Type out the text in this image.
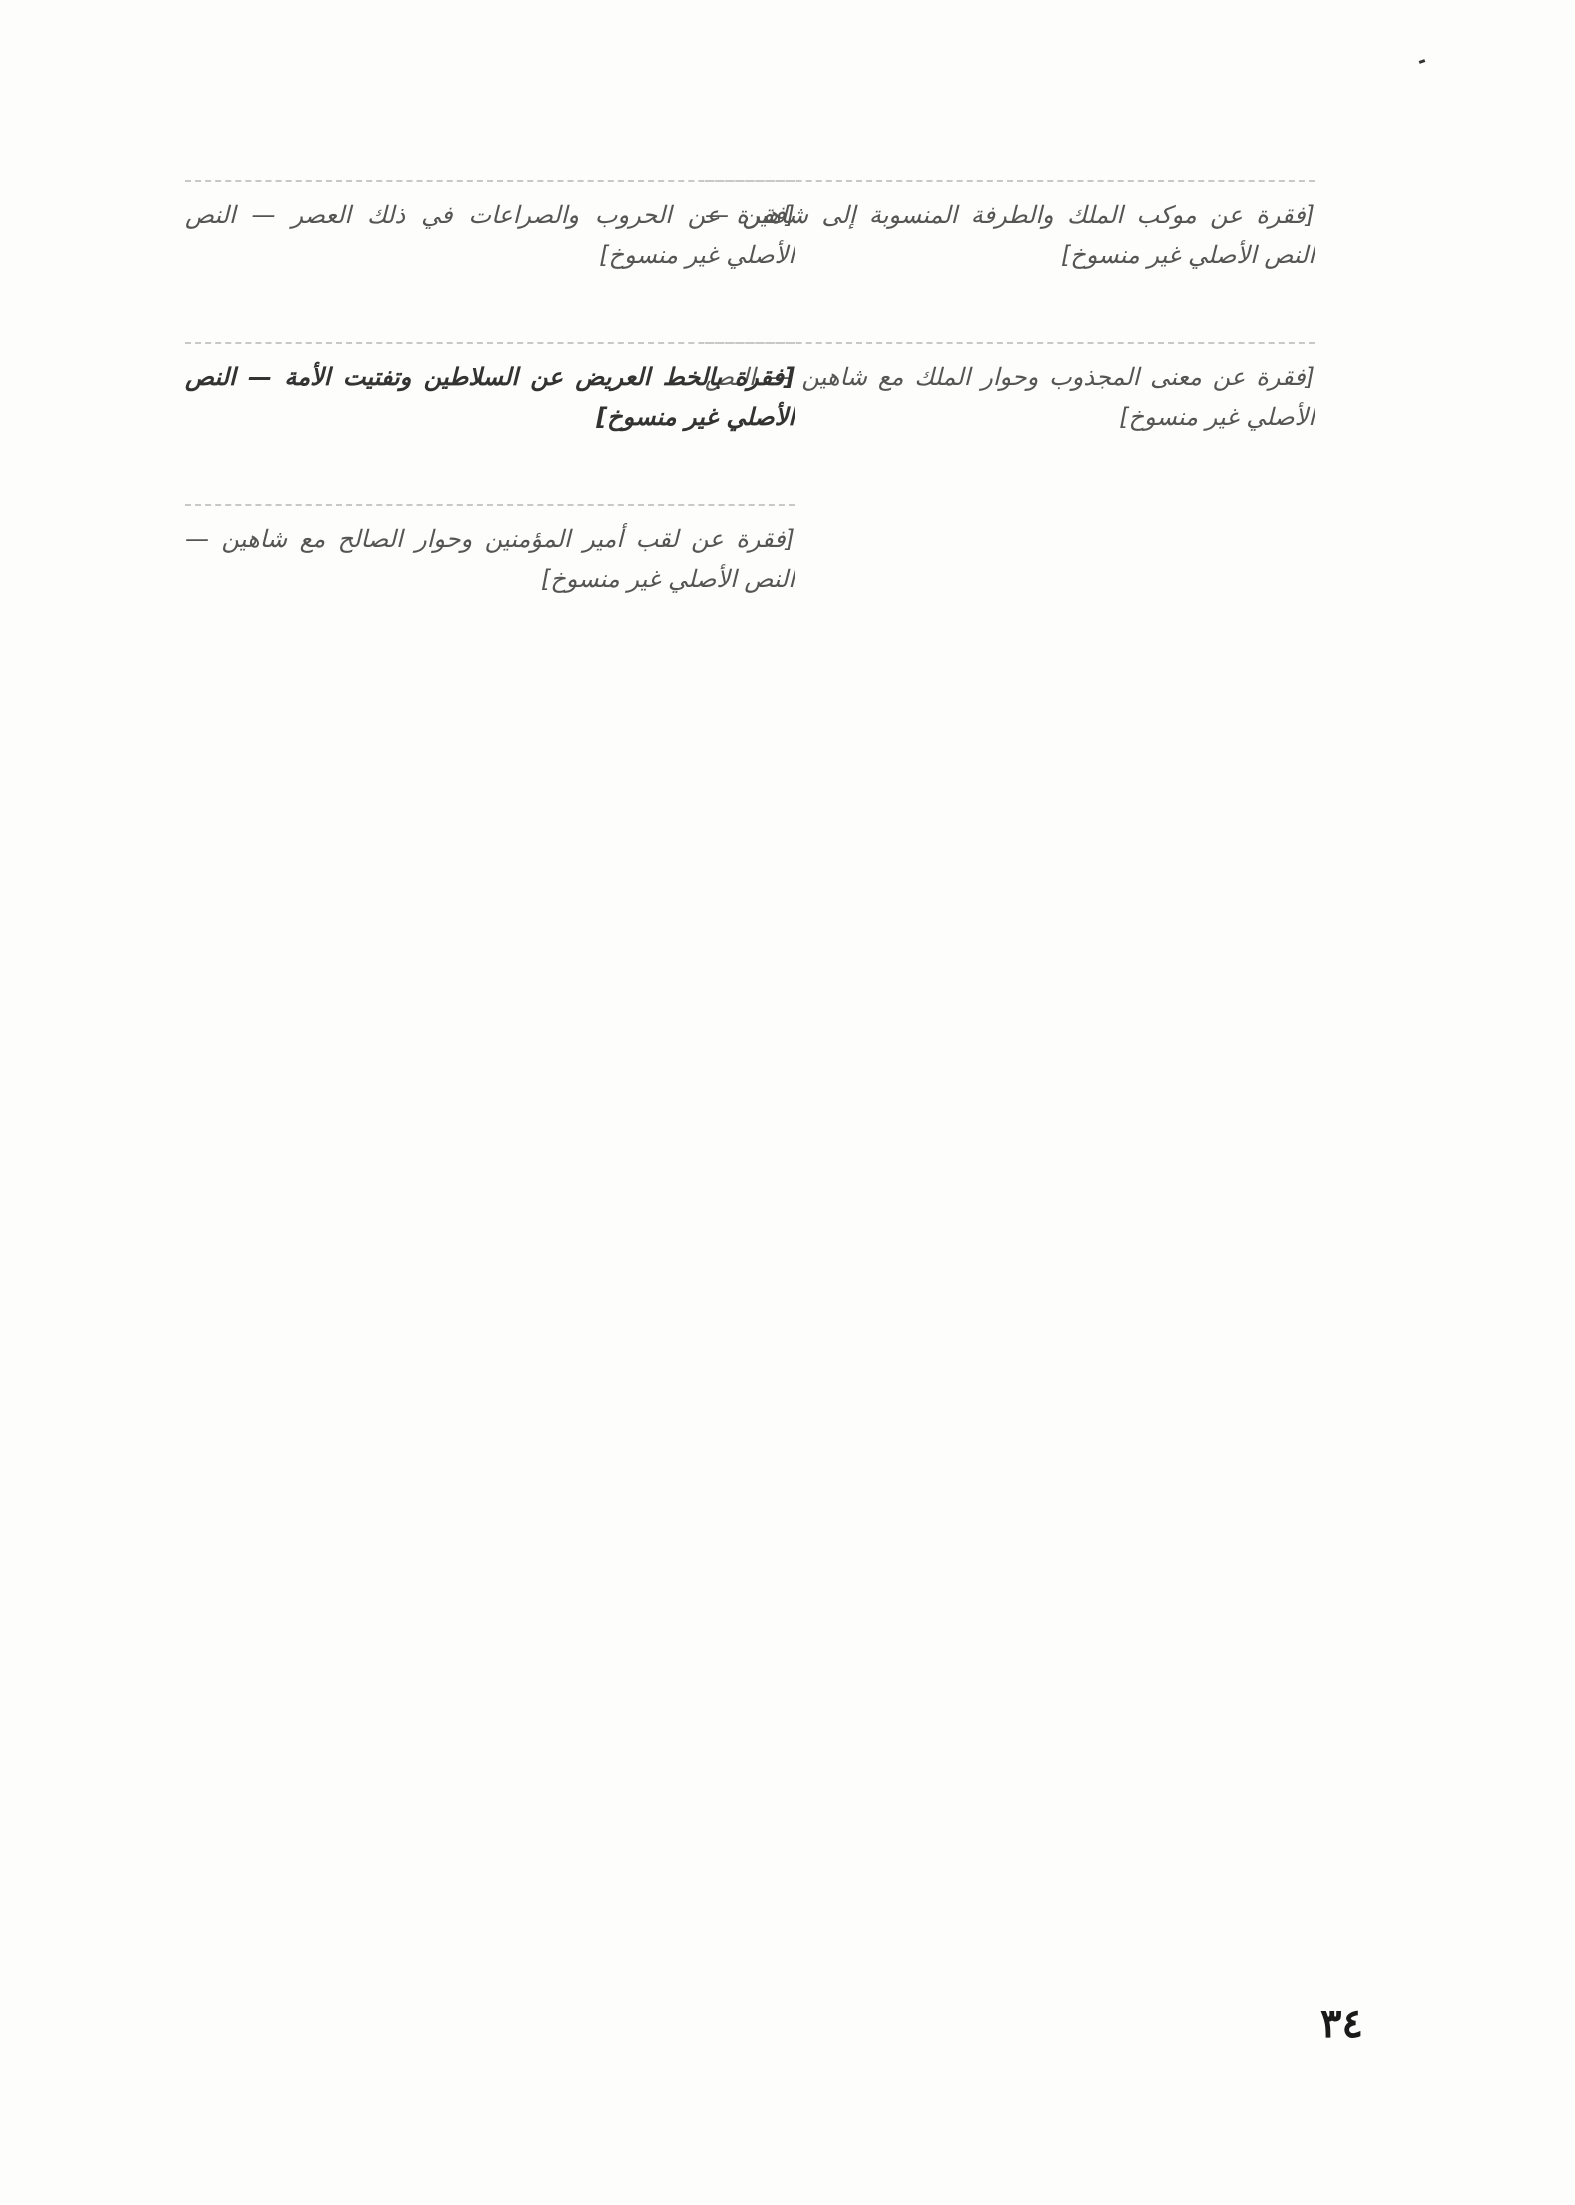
[فقرة عن موكب الملك والطرفة المنسوبة إلى شاهين — النص الأصلي غير منسوخ]

[فقرة عن معنى المجذوب وحوار الملك مع شاهين — النص الأصلي غير منسوخ]

[فقرة عن الحروب والصراعات في ذلك العصر — النص الأصلي غير منسوخ]

[فقرة بالخط العريض عن السلاطين وتفتيت الأمة — النص الأصلي غير منسوخ]

[فقرة عن لقب أمير المؤمنين وحوار الصالح مع شاهين — النص الأصلي غير منسوخ]

٣٤
